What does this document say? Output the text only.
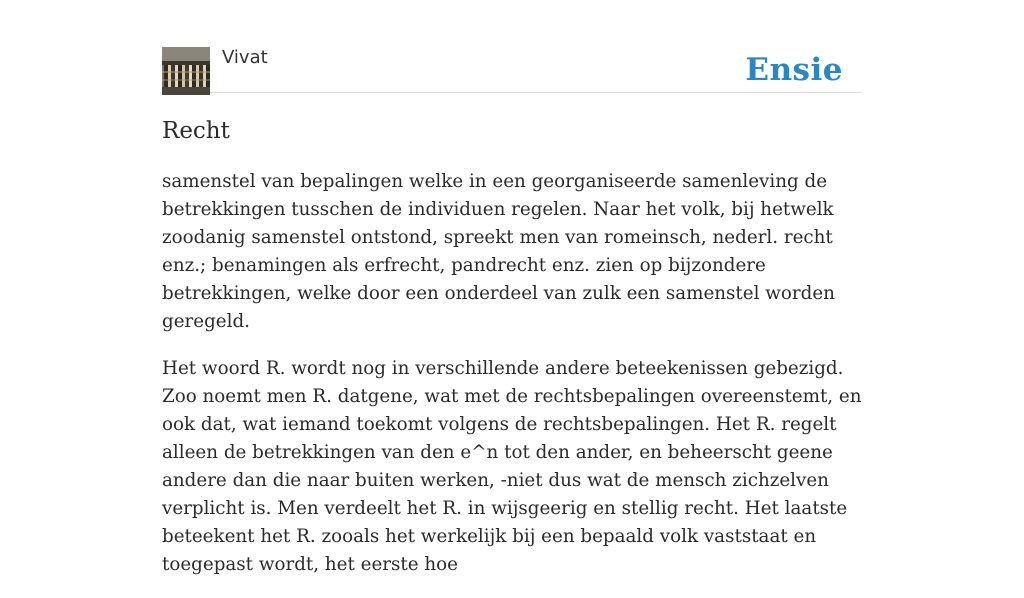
Vivat	Ensie
Recht

samenstel van bepalingen welke in een georganiseerde samenleving de betrekkingen tusschen de individuen regelen. Naar het volk, bij hetwelk zoodanig samenstel ontstond, spreekt men van romeinsch, nederl. recht enz.; benamingen als erfrecht, pandrecht enz. zien op bijzondere betrekkingen, welke door een onderdeel van zulk een samenstel worden geregeld.

Het woord R. wordt nog in verschillende andere beteekenissen gebezigd. Zoo noemt men R. datgene, wat met de rechtsbepalingen overeenstemt, en ook dat, wat iemand toekomt volgens de rechtsbepalingen. Het R. regelt alleen de betrekkingen van den e^n tot den ander, en beheerscht geene andere dan die naar buiten werken, -niet dus wat de mensch zichzelven verplicht is. Men verdeelt het R. in wijsgeerig en stellig recht. Het laatste beteekent het R. zooals het werkelijk bij een bepaald volk vaststaat en toegepast wordt, het eerste hoe
